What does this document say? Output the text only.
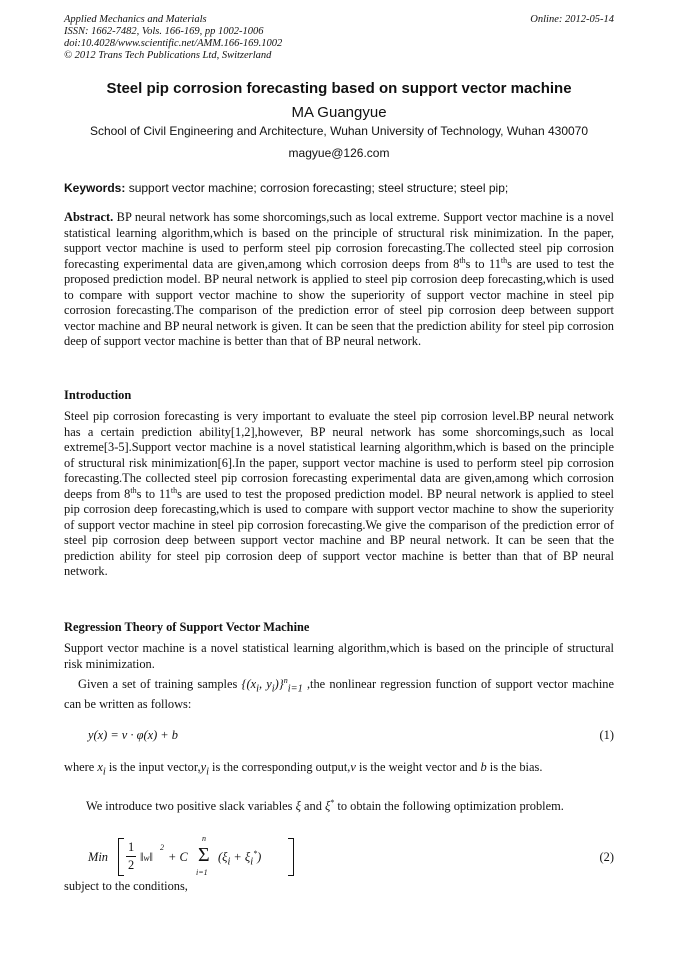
Applied Mechanics and Materials
ISSN: 1662-7482, Vols. 166-169, pp 1002-1006
doi:10.4028/www.scientific.net/AMM.166-169.1002
© 2012 Trans Tech Publications Ltd, Switzerland
Online: 2012-05-14
Steel pip corrosion forecasting based on support vector machine
MA Guangyue
School of Civil Engineering and Architecture, Wuhan University of Technology, Wuhan 430070
magyue@126.com
Keywords: support vector machine; corrosion forecasting; steel structure; steel pip;
Abstract. BP neural network has some shorcomings,such as local extreme. Support vector machine is a novel statistical learning algorithm,which is based on the principle of structural risk minimization. In the paper, support vector machine is used to perform steel pip corrosion forecasting.The collected steel pip corrosion forecasting experimental data are given,among which corrosion deeps from 8ths to 11ths are used to test the proposed prediction model. BP neural network is applied to steel pip corrosion deep forecasting,which is used to compare with support vector machine to show the superiority of support vector machine in steel pip corrosion forecasting.The comparison of the prediction error of steel pip corrosion deep between support vector machine and BP neural network is given. It can be seen that the prediction ability for steel pip corrosion deep of support vector machine is better than that of BP neural network.
Introduction
Steel pip corrosion forecasting is very important to evaluate the steel pip corrosion level.BP neural network has a certain prediction ability[1,2],however, BP neural network has some shorcomings,such as local extreme[3-5].Support vector machine is a novel statistical learning algorithm,which is based on the principle of structural risk minimization[6].In the paper, support vector machine is used to perform steel pip corrosion forecasting.The collected steel pip corrosion forecasting experimental data are given,among which corrosion deeps from 8ths to 11ths are used to test the proposed prediction model. BP neural network is applied to steel pip corrosion deep forecasting,which is used to compare with support vector machine to show the superiority of support vector machine in steel pip corrosion forecasting.We give the comparison of the prediction error of steel pip corrosion deep between support vector machine and BP neural network. It can be seen that the prediction ability for steel pip corrosion deep of support vector machine is better than that of BP neural network.
Regression Theory of Support Vector Machine
Support vector machine is a novel statistical learning algorithm,which is based on the principle of structural risk minimization.
Given a set of training samples {($x_i$, $y_i)\}^n_{i=1}$ ,the nonlinear regression function of support vector machine can be written as follows:
y(x) = v · φ(x) + b	(1)
where $x_i$ is the input $vector,y_i$ is the corresponding output,v is the weight vector and b is the bias.
We introduce two positive slack variables ξ and ξ* to obtain the following optimization problem.
Min
1
2
‖w‖
2
+ C
n
Σ
i=1
$(\xi_i + \xi_i^*)$	(2)
subject to the conditions,
